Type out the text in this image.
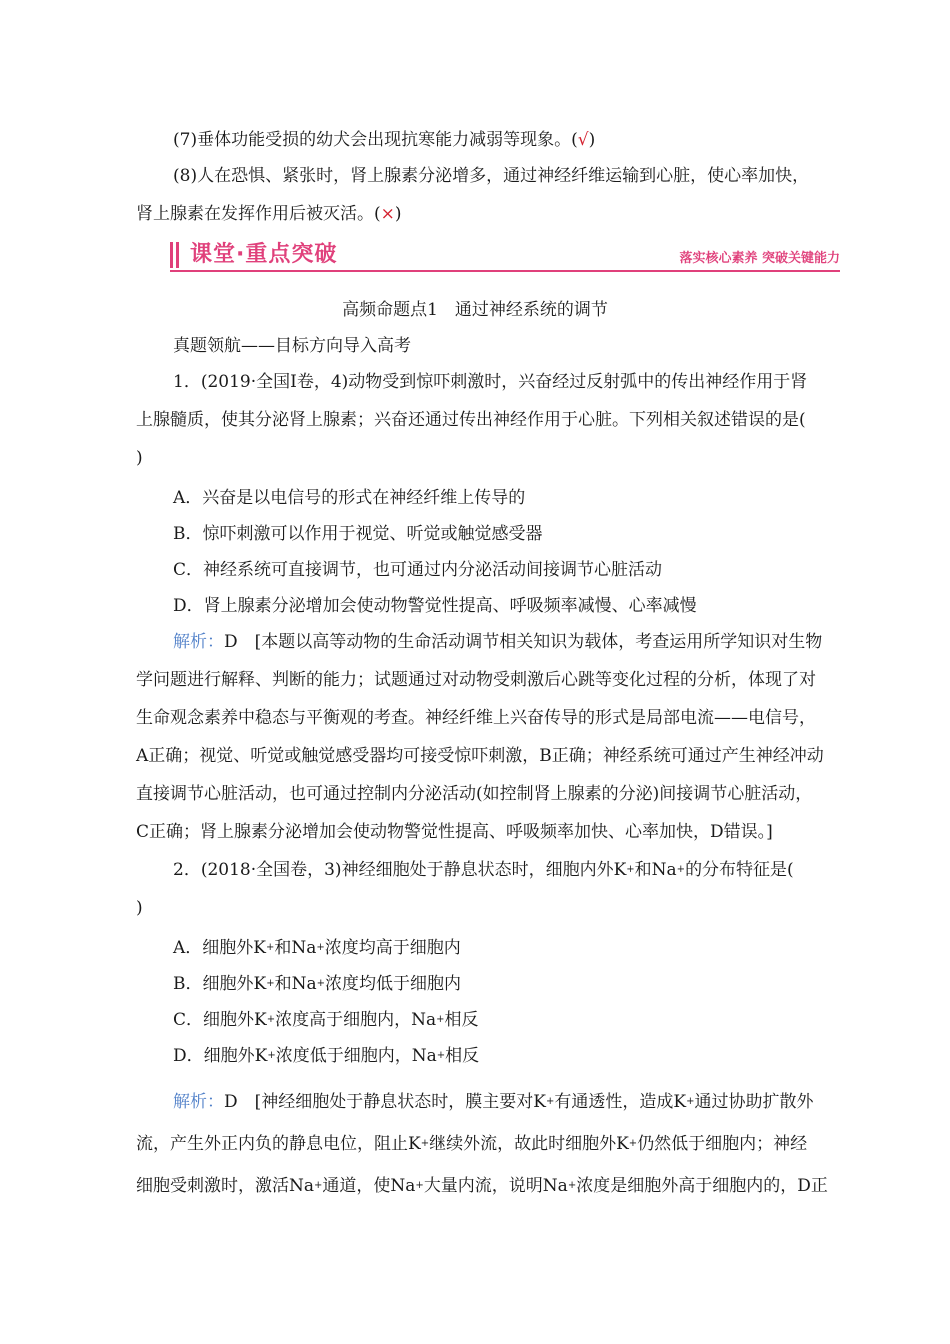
(7)垂体功能受损的幼犬会出现抗寒能力减弱等现象。(√)
(8)人在恐惧、紧张时，肾上腺素分泌增多，通过神经纤维运输到心脏，使心率加快，
肾上腺素在发挥作用后被灭活。(×)
课堂·重点突破	落实核心素养 突破关键能力
高频命题点1　通过神经系统的调节
真题领航——目标方向导入高考
1．(2019·全国Ⅰ卷，4)动物受到惊吓刺激时，兴奋经过反射弧中的传出神经作用于肾
上腺髓质，使其分泌肾上腺素；兴奋还通过传出神经作用于心脏。下列相关叙述错误的是(
)
A．兴奋是以电信号的形式在神经纤维上传导的
B．惊吓刺激可以作用于视觉、听觉或触觉感受器
C．神经系统可直接调节，也可通过内分泌活动间接调节心脏活动
D．肾上腺素分泌增加会使动物警觉性提高、呼吸频率减慢、心率减慢
解析：D　[本题以高等动物的生命活动调节相关知识为载体，考查运用所学知识对生物
学问题进行解释、判断的能力；试题通过对动物受刺激后心跳等变化过程的分析，体现了对
生命观念素养中稳态与平衡观的考查。神经纤维上兴奋传导的形式是局部电流——电信号，
A正确；视觉、听觉或触觉感受器均可接受惊吓刺激，B正确；神经系统可通过产生神经冲动
直接调节心脏活动，也可通过控制内分泌活动(如控制肾上腺素的分泌)间接调节心脏活动，
C正确；肾上腺素分泌增加会使动物警觉性提高、呼吸频率加快、心率加快，D错误。]
2．(2018·全国卷，3)神经细胞处于静息状态时，细胞内外K+和Na+的分布特征是(
)
A．细胞外K+和Na+浓度均高于细胞内
B．细胞外K+和Na+浓度均低于细胞内
C．细胞外K+浓度高于细胞内，Na+相反
D．细胞外K+浓度低于细胞内，Na+相反
解析：D　[神经细胞处于静息状态时，膜主要对K+有通透性，造成K+通过协助扩散外
流，产生外正内负的静息电位，阻止K+继续外流，故此时细胞外K+仍然低于细胞内；神经
细胞受刺激时，激活Na+通道，使Na+大量内流，说明Na+浓度是细胞外高于细胞内的，D正
